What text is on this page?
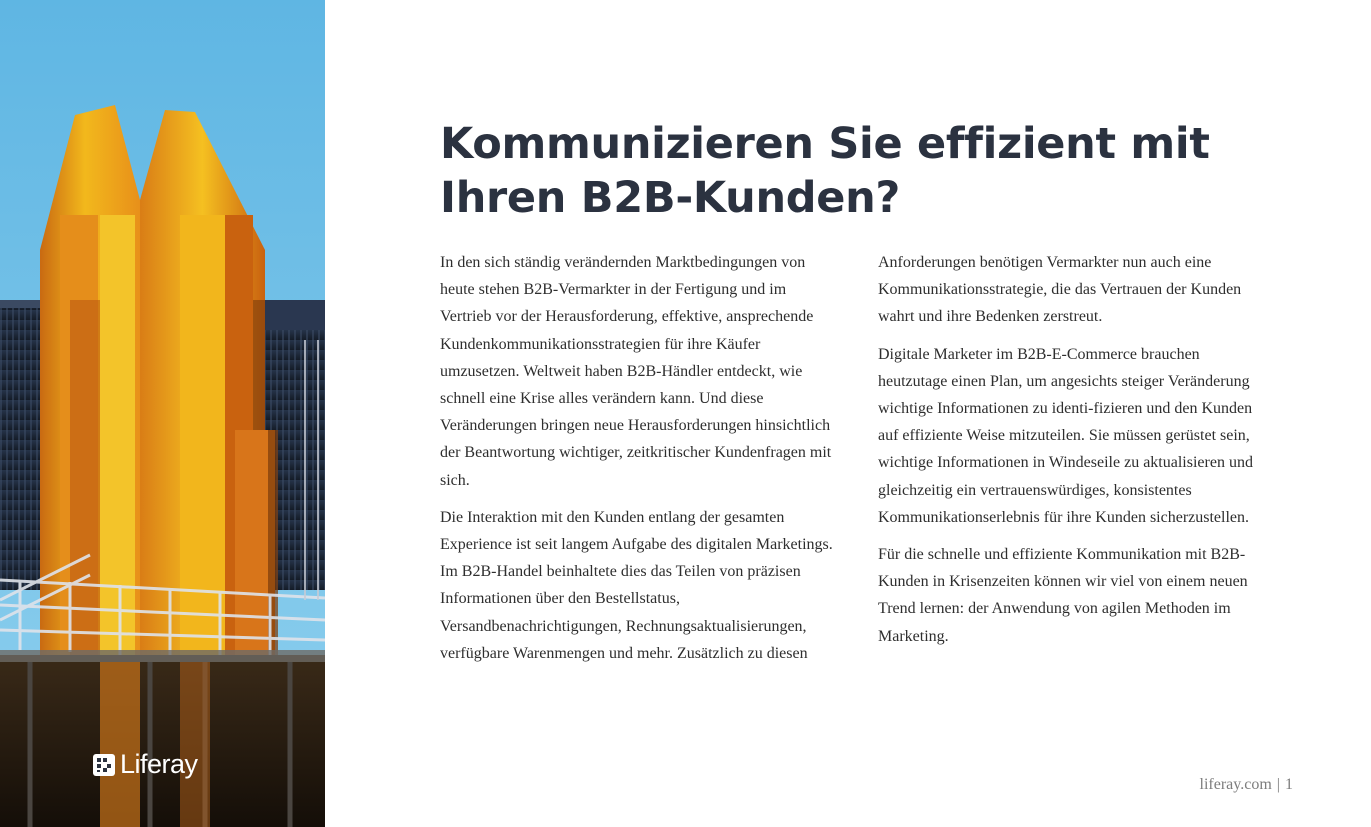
Liferay
Kommunizieren Sie effizient mit Ihren B2B-Kunden?

In den sich ständig verändernden Marktbedingungen von heute stehen B2B-Vermarkter in der Fertigung und im Vertrieb vor der Herausforderung, effektive, ansprechende Kundenkommunikationsstrategien für ihre Käufer umzusetzen. Weltweit haben B2B-Händler entdeckt, wie schnell eine Krise alles verändern kann. Und diese Veränderungen bringen neue Herausforderungen hinsichtlich der Beantwortung wichtiger, zeitkritischer Kundenfragen mit sich.

Die Interaktion mit den Kunden entlang der gesamten Experience ist seit langem Aufgabe des digitalen Marketings. Im B2B-Handel beinhaltete dies das Teilen von präzisen Informationen über den Bestellstatus, Versandbenachrichtigungen, Rechnungsaktualisierungen, verfügbare Warenmengen und mehr. Zusätzlich zu diesen

Anforderungen benötigen Vermarkter nun auch eine Kommunikationsstrategie, die das Vertrauen der Kunden wahrt und ihre Bedenken zerstreut.

Digitale Marketer im B2B-E-Commerce brauchen heutzutage einen Plan, um angesichts steiger Veränderung wichtige Informationen zu identi-fizieren und den Kunden auf effiziente Weise mitzuteilen. Sie müssen gerüstet sein, wichtige Informationen in Windeseile zu aktualisieren und gleichzeitig ein vertrauenswürdiges, konsistentes Kommunikationserlebnis für ihre Kunden sicherzustellen.

Für die schnelle und effiziente Kommunikation mit B2B-Kunden in Krisenzeiten können wir viel von einem neuen Trend lernen: der Anwendung von agilen Methoden im Marketing.

liferay.com | 1
